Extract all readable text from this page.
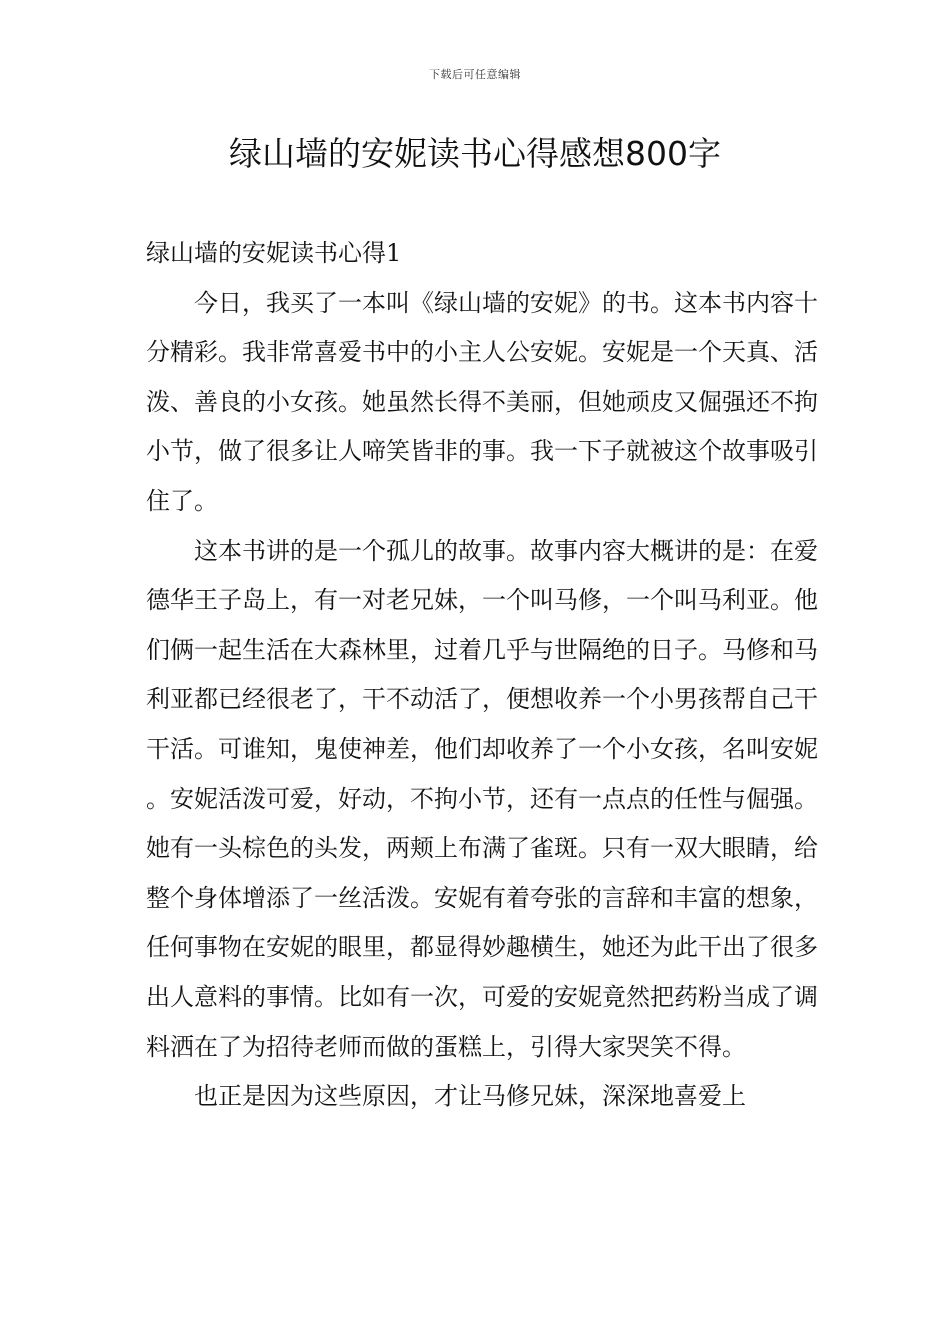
下载后可任意编辑
绿山墙的安妮读书心得感想800字
绿山墙的安妮读书心得1

今日，我买了一本叫《绿山墙的安妮》的书。这本书内容十分精彩。我非常喜爱书中的小主人公安妮。安妮是一个天真、活泼、善良的小女孩。她虽然长得不美丽，但她顽皮又倔强还不拘小节，做了很多让人啼笑皆非的事。我一下子就被这个故事吸引住了。

这本书讲的是一个孤儿的故事。故事内容大概讲的是：在爱德华王子岛上，有一对老兄妹，一个叫马修，一个叫马利亚。他们俩一起生活在大森林里，过着几乎与世隔绝的日子。马修和马利亚都已经很老了，干不动活了，便想收养一个小男孩帮自己干干活。可谁知，鬼使神差，他们却收养了一个小女孩，名叫安妮。安妮活泼可爱，好动，不拘小节，还有一点点的任性与倔强。她有一头棕色的头发，两颊上布满了雀斑。只有一双大眼睛，给整个身体增添了一丝活泼。安妮有着夸张的言辞和丰富的想象，任何事物在安妮的眼里，都显得妙趣横生，她还为此干出了很多出人意料的事情。比如有一次，可爱的安妮竟然把药粉当成了调料洒在了为招待老师而做的蛋糕上，引得大家哭笑不得。

也正是因为这些原因，才让马修兄妹，深深地喜爱上
